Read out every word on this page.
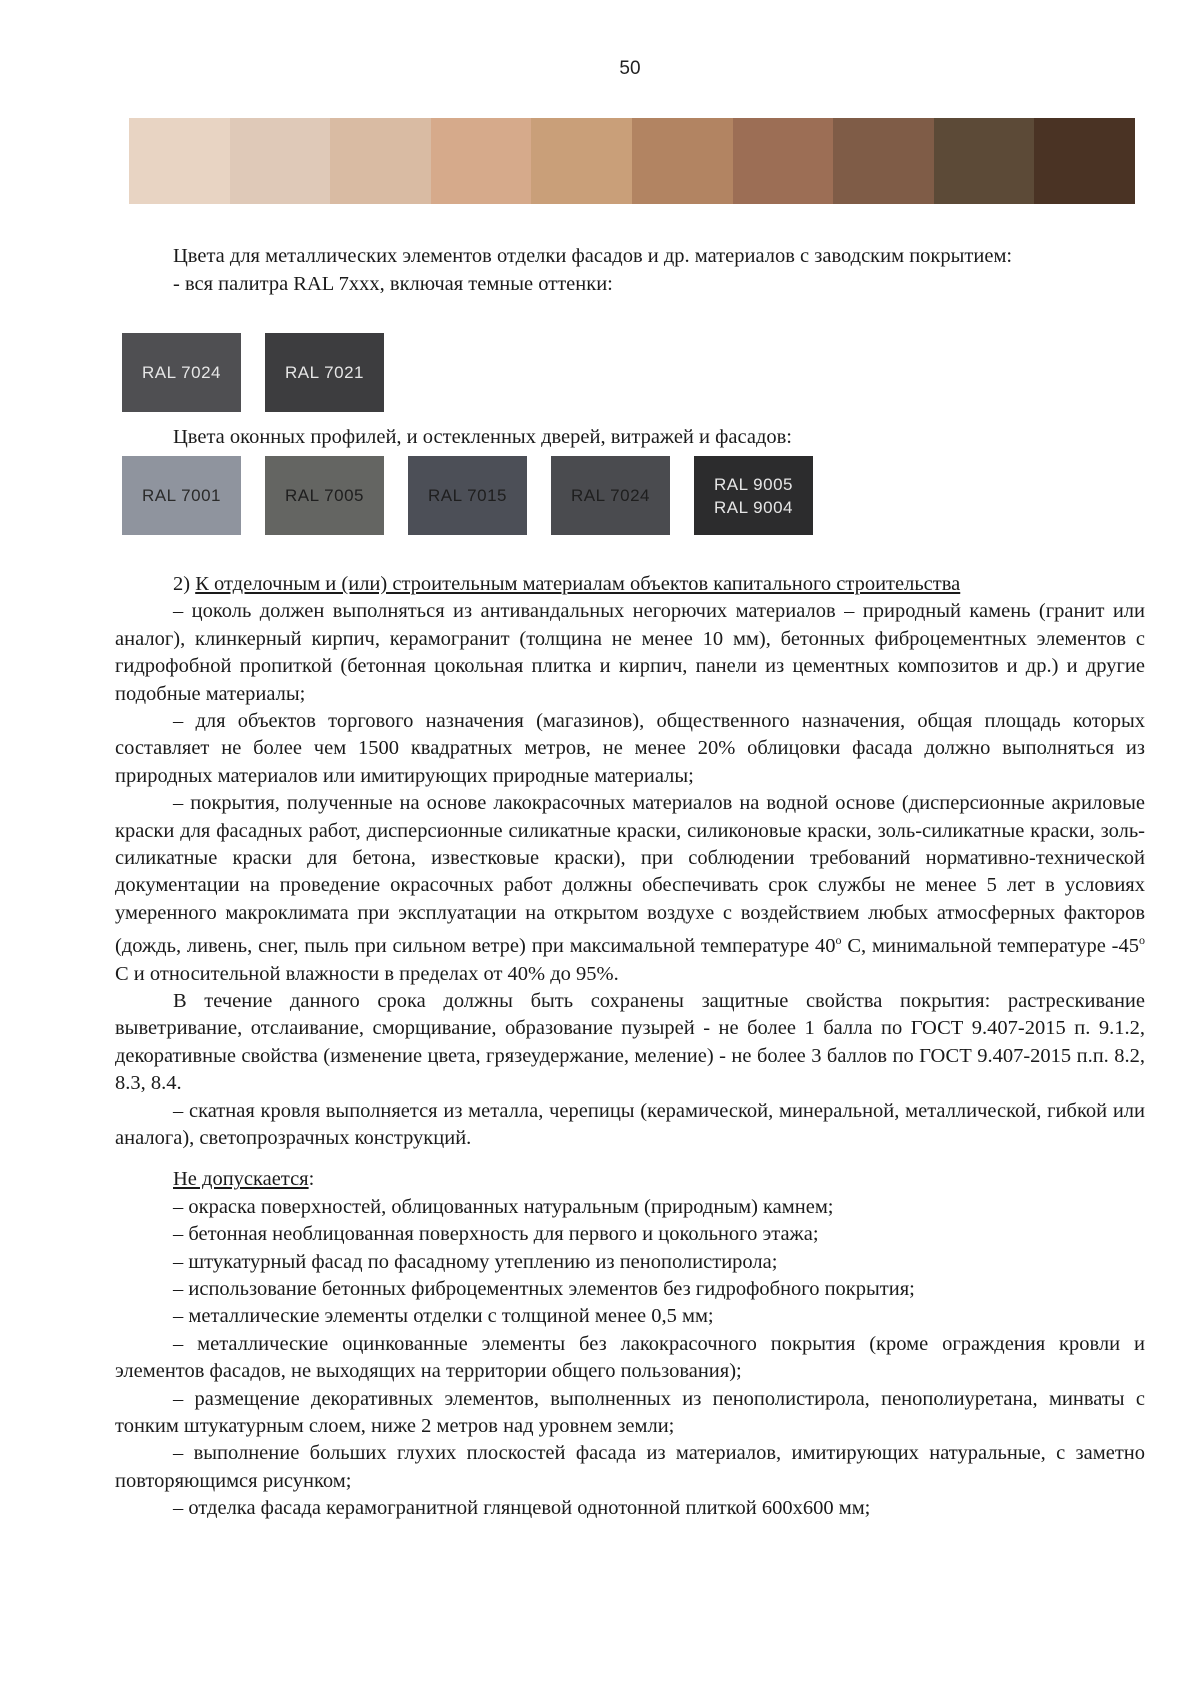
50

Цвета для металлических элементов отделки фасадов и др. материалов с заводским покрытием:

- вся палитра RAL 7ххх, включая темные оттенки:

RAL 7024	RAL 7021

Цвета оконных профилей, и остекленных дверей, витражей и фасадов:

RAL 7001	RAL 7005	RAL 7015	RAL 7024
RAL 9005
RAL 9004

2) К отделочным и (или) строительным материалам объектов капитального строительства

– цоколь должен выполняться из антивандальных негорючих материалов – природный камень (гранит или аналог), клинкерный кирпич, керамогранит (толщина не менее 10 мм), бетонных фиброцементных элементов с гидрофобной пропиткой (бетонная цокольная плитка и кирпич, панели из цементных композитов и др.) и другие подобные материалы;

– для объектов торгового назначения (магазинов), общественного назначения, общая площадь которых составляет не более чем 1500 квадратных метров, не менее 20% облицовки фасада должно выполняться из природных материалов или имитирующих природные материалы;

– покрытия, полученные на основе лакокрасочных материалов на водной основе (дисперсионные акриловые краски для фасадных работ, дисперсионные силикатные краски, силиконовые краски, золь-силикатные краски, золь-силикатные краски для бетона, известковые краски), при соблюдении требований нормативно-технической документации на проведение окрасочных работ должны обеспечивать срок службы не менее 5 лет в условиях умеренного макроклимата при эксплуатации на открытом воздухе с воздействием любых атмосферных факторов (дождь, ливень, снег, пыль при сильном ветре) при максимальной температуре 40$^o$ С, минимальной температуре -45$^o$ С и относительной влажности в пределах от 40% до 95%.

В течение данного срока должны быть сохранены защитные свойства покрытия: растрескивание выветривание, отслаивание, сморщивание, образование пузырей - не более 1 балла по ГОСТ 9.407-2015 п. 9.1.2, декоративные свойства (изменение цвета, грязеудержание, меление) - не более 3 баллов по ГОСТ 9.407-2015 п.п. 8.2, 8.3, 8.4.

– скатная кровля выполняется из металла, черепицы (керамической, минеральной, металлической, гибкой или аналога), светопрозрачных конструкций.

Не допускается:

– окраска поверхностей, облицованных натуральным (природным) камнем;

– бетонная необлицованная поверхность для первого и цокольного этажа;

– штукатурный фасад по фасадному утеплению из пенополистирола;

– использование бетонных фиброцементных элементов без гидрофобного покрытия;

– металлические элементы отделки с толщиной менее 0,5 мм;

– металлические оцинкованные элементы без лакокрасочного покрытия (кроме ограждения кровли и элементов фасадов, не выходящих на территории общего пользования);

– размещение декоративных элементов, выполненных из пенополистирола, пенополиуретана, минваты с тонким штукатурным слоем, ниже 2 метров над уровнем земли;

– выполнение больших глухих плоскостей фасада из материалов, имитирующих натуральные, с заметно повторяющимся рисунком;

– отделка фасада керамогранитной глянцевой однотонной плиткой 600х600 мм;
